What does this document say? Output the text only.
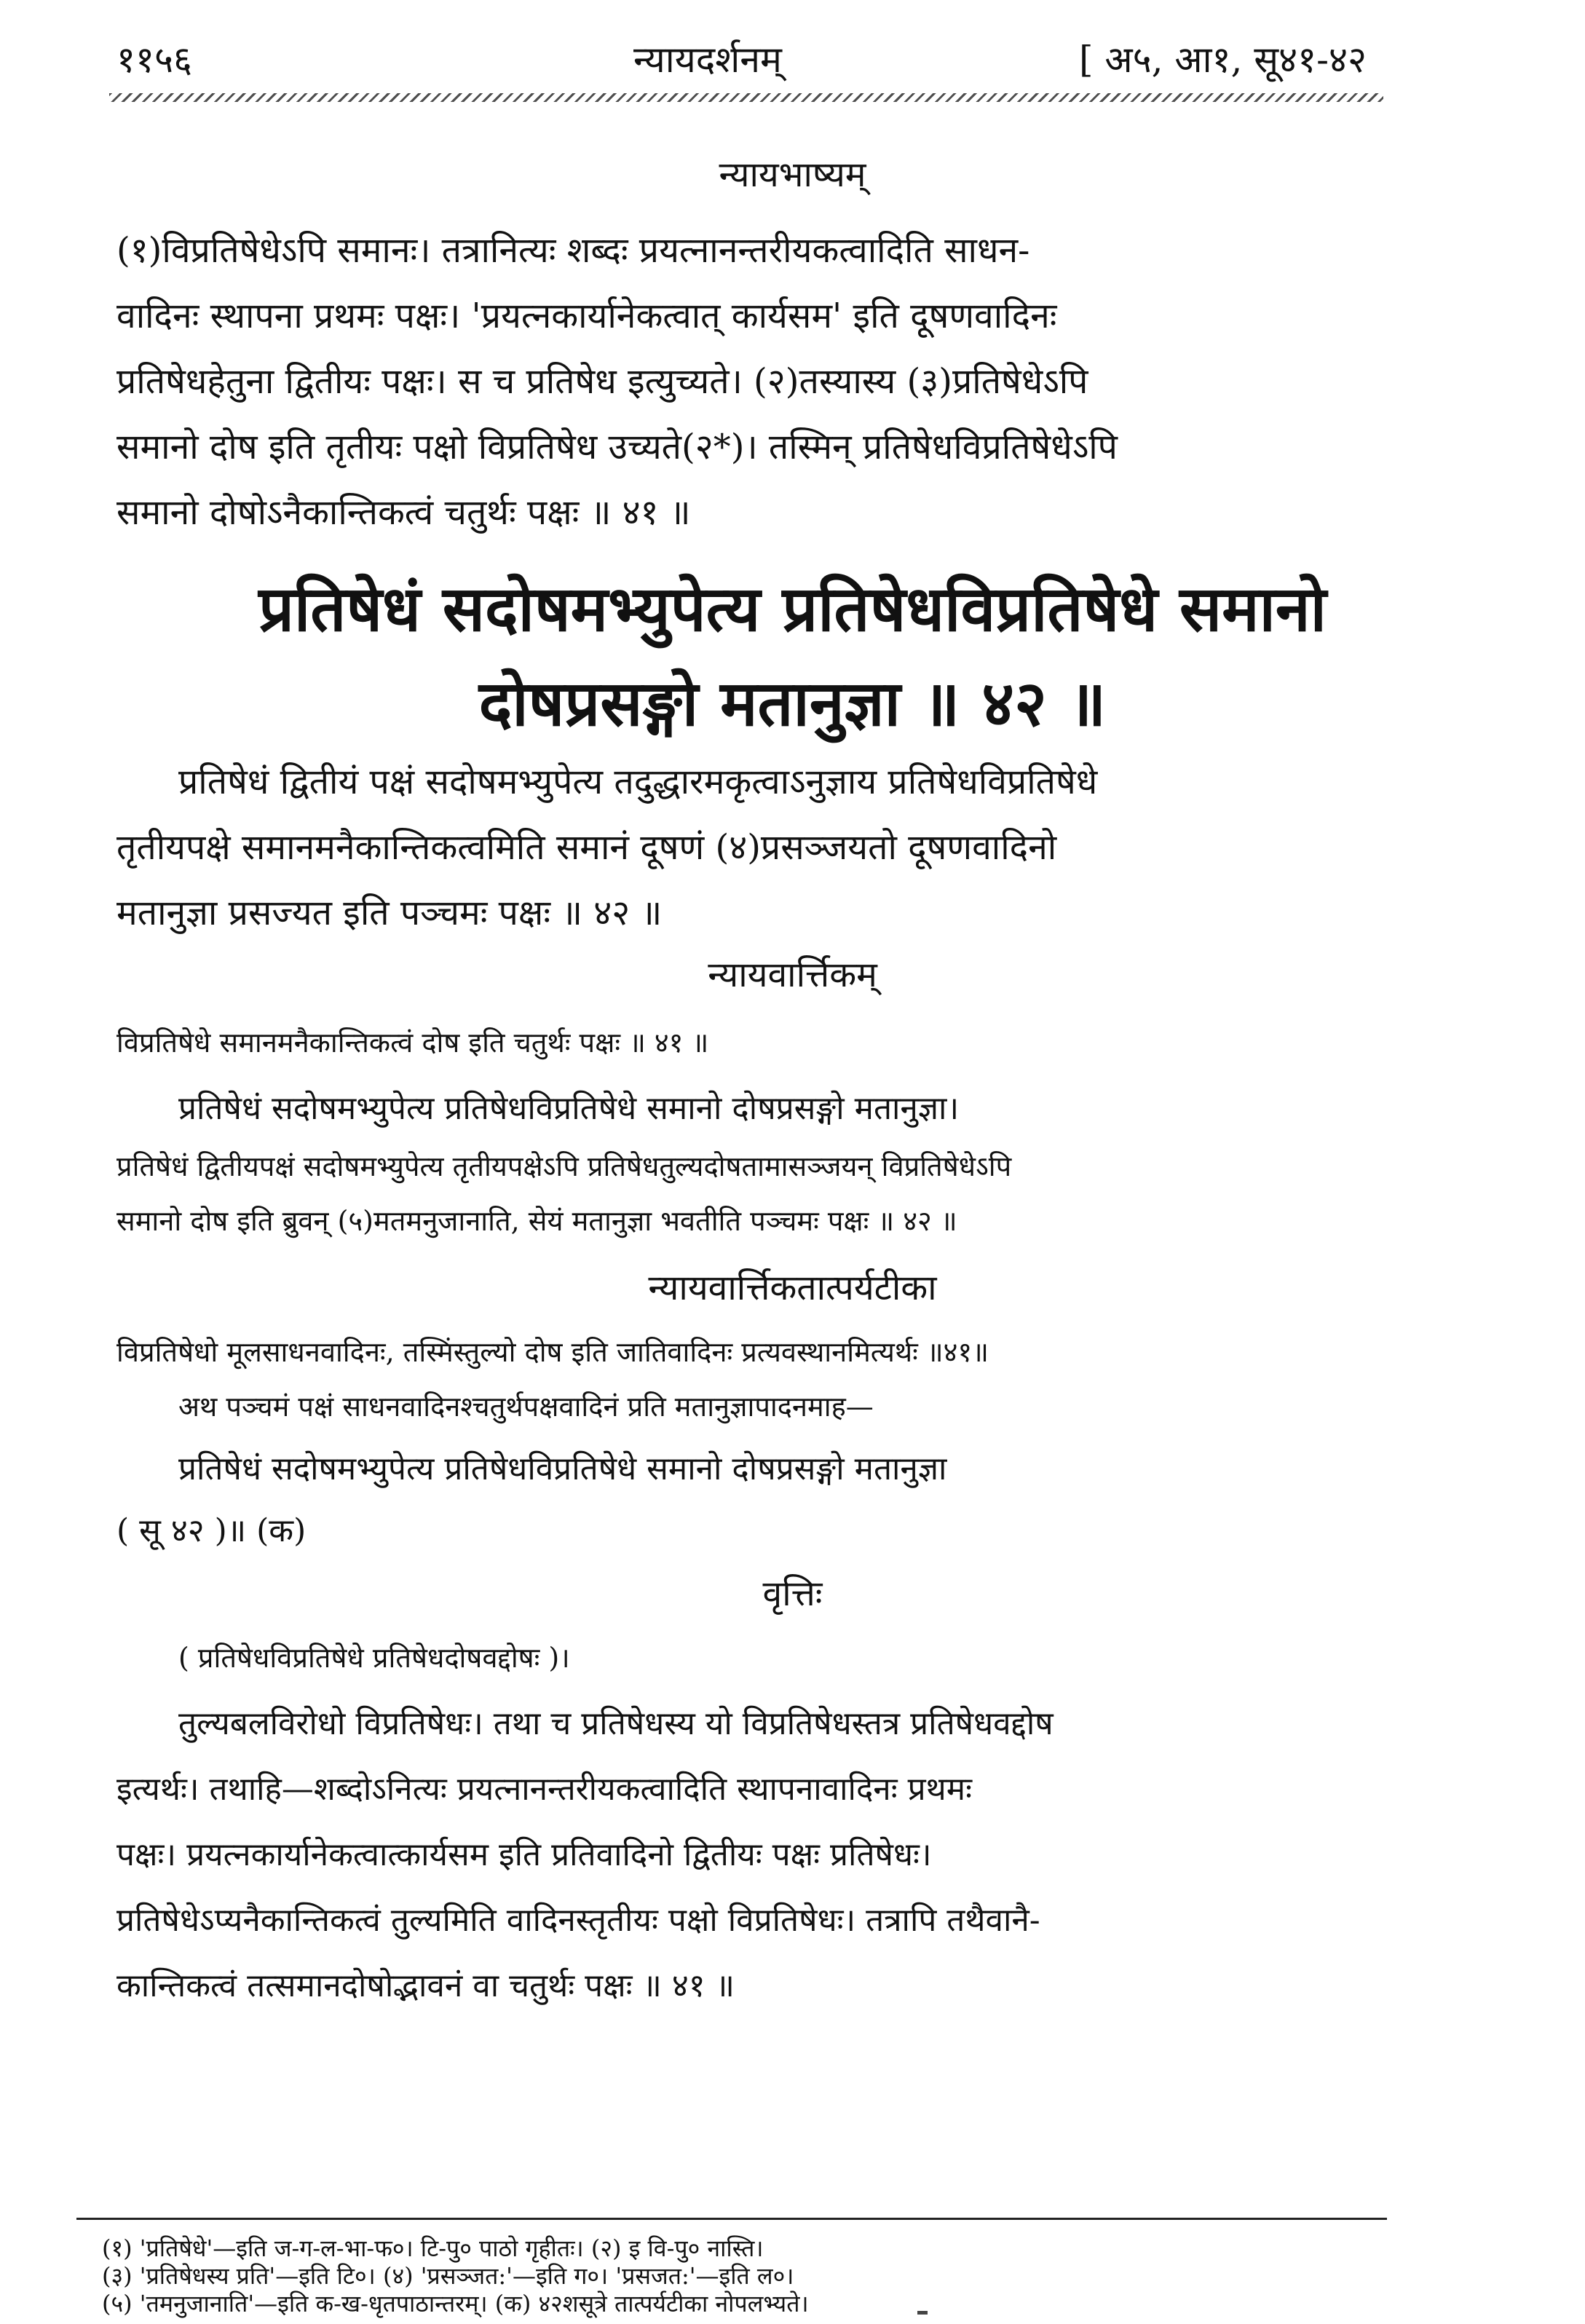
११५६	न्यायदर्शनम्	[ अ५, आ१, सू४१-४२
न्यायभाष्यम्
(१)विप्रतिषेधेऽपि समानः। तत्रानित्यः शब्दः प्रयत्नानन्तरीयकत्वादिति साधन-
वादिनः स्थापना प्रथमः पक्षः। 'प्रयत्नकार्यानेकत्वात् कार्यसम' इति दूषणवादिनः
प्रतिषेधहेतुना द्वितीयः पक्षः। स च प्रतिषेध इत्युच्यते। (२)तस्यास्य (३)प्रतिषेधेऽपि
समानो दोष इति तृतीयः पक्षो विप्रतिषेध उच्यते(२*)। तस्मिन् प्रतिषेधविप्रतिषेधेऽपि
समानो दोषोऽनैकान्तिकत्वं चतुर्थः पक्षः ॥ ४१ ॥
प्रतिषेधं सदोषमभ्युपेत्य प्रतिषेधविप्रतिषेधे समानो
दोषप्रसङ्गो मतानुज्ञा ॥ ४२ ॥
प्रतिषेधं द्वितीयं पक्षं सदोषमभ्युपेत्य तदुद्धारमकृत्वाऽनुज्ञाय प्रतिषेधविप्रतिषेधे
तृतीयपक्षे समानमनैकान्तिकत्वमिति समानं दूषणं (४)प्रसञ्जयतो दूषणवादिनो
मतानुज्ञा प्रसज्यत इति पञ्चमः पक्षः ॥ ४२ ॥
न्यायवार्त्तिकम्
विप्रतिषेधे समानमनैकान्तिकत्वं दोष इति चतुर्थः पक्षः ॥ ४१ ॥
प्रतिषेधं सदोषमभ्युपेत्य प्रतिषेधविप्रतिषेधे समानो दोषप्रसङ्गो मतानुज्ञा।
प्रतिषेधं द्वितीयपक्षं सदोषमभ्युपेत्य तृतीयपक्षेऽपि प्रतिषेधतुल्यदोषतामासञ्जयन् विप्रतिषेधेऽपि
समानो दोष इति ब्रुवन् (५)मतमनुजानाति, सेयं मतानुज्ञा भवतीति पञ्चमः पक्षः ॥ ४२ ॥
न्यायवार्त्तिकतात्पर्यटीका
विप्रतिषेधो मूलसाधनवादिनः, तस्मिंस्तुल्यो दोष इति जातिवादिनः प्रत्यवस्थानमित्यर्थः ॥४१॥
अथ पञ्चमं पक्षं साधनवादिनश्चतुर्थपक्षवादिनं प्रति मतानुज्ञापादनमाह—
प्रतिषेधं सदोषमभ्युपेत्य प्रतिषेधविप्रतिषेधे समानो दोषप्रसङ्गो मतानुज्ञा
( सू ४२ )॥ (क)
वृत्तिः
( प्रतिषेधविप्रतिषेधे प्रतिषेधदोषवद्दोषः )।
तुल्यबलविरोधो विप्रतिषेधः। तथा च प्रतिषेधस्य यो विप्रतिषेधस्तत्र प्रतिषेधवद्दोष
इत्यर्थः। तथाहि—शब्दोऽनित्यः प्रयत्नानन्तरीयकत्वादिति स्थापनावादिनः प्रथमः
पक्षः। प्रयत्नकार्यानेकत्वात्कार्यसम इति प्रतिवादिनो द्वितीयः पक्षः प्रतिषेधः।
प्रतिषेधेऽप्यनैकान्तिकत्वं तुल्यमिति वादिनस्तृतीयः पक्षो विप्रतिषेधः। तत्रापि तथैवानै-
कान्तिकत्वं तत्समानदोषोद्भावनं वा चतुर्थः पक्षः ॥ ४१ ॥
(१) 'प्रतिषेधे'—इति ज-ग-ल-भा-फ०। टि-पु० पाठो गृहीतः। (२) इ वि-पु० नास्ति।
(३) 'प्रतिषेधस्य प्रति'—इति टि०। (४) 'प्रसञ्जत:'—इति ग०। 'प्रसजत:'—इति ल०।
(५) 'तमनुजानाति'—इति क-ख-धृतपाठान्तरम्। (क) ४२शसूत्रे तात्पर्यटीका नोपलभ्यते।
